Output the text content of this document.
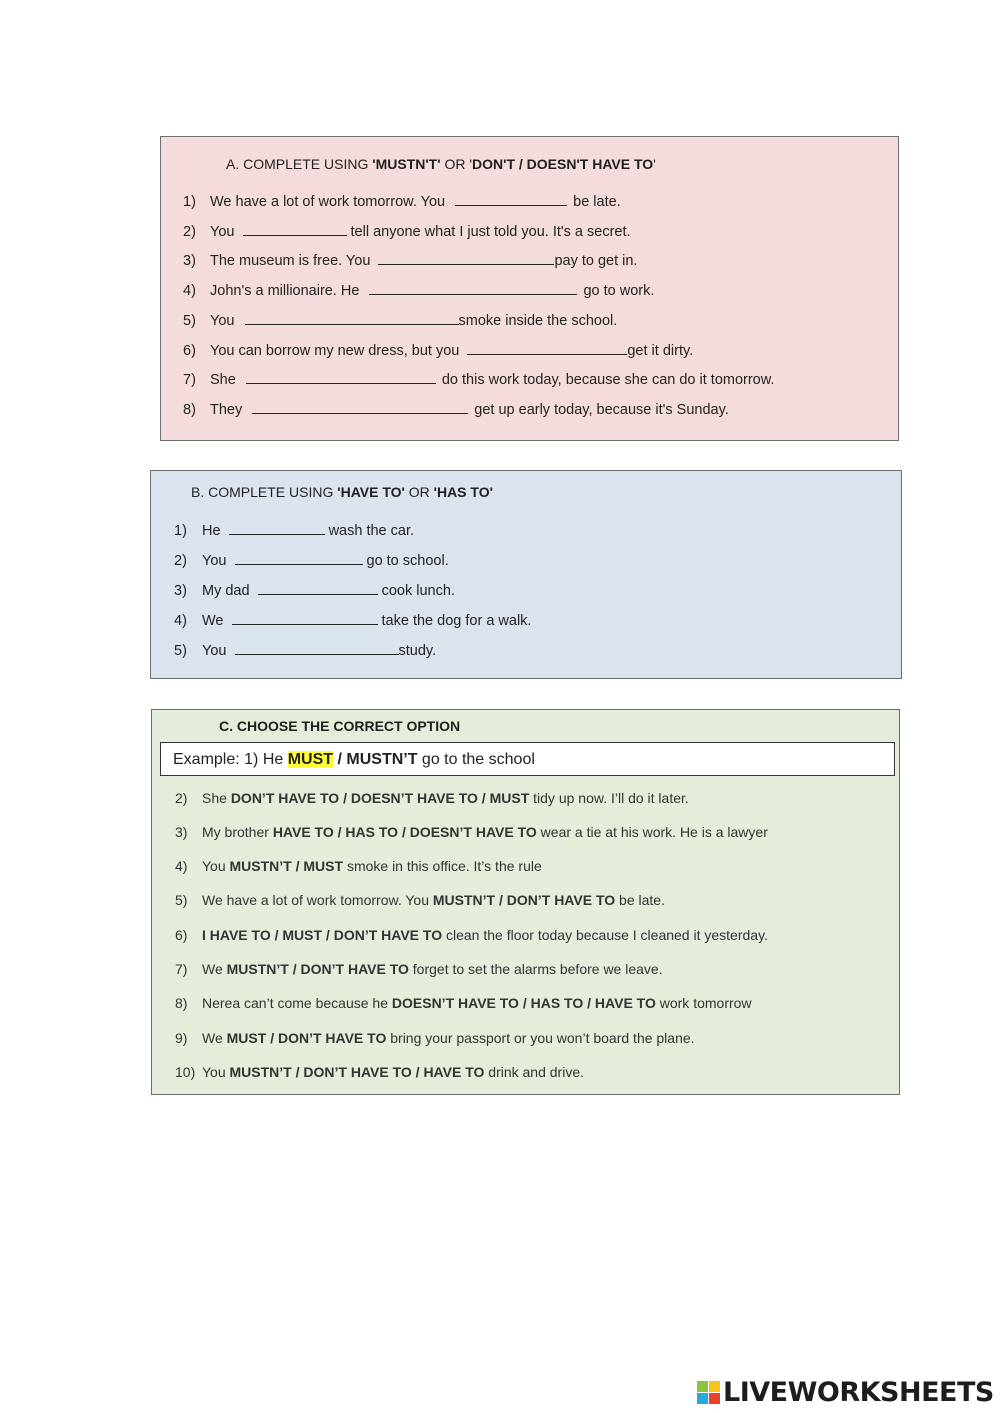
A. COMPLETE USING 'MUSTN'T' OR 'DON'T / DOESN'T HAVE TO'
1) We have a lot of work tomorrow. You	be late.
2) You	tell anyone what I just told you. It's a secret.
3) The museum is free. You	pay to get in.
4) John's a millionaire. He	go to work.
5) You	smoke inside the school.
6) You can borrow my new dress, but you	get it dirty.
7) She	do this work today, because she can do it tomorrow.
8) They	get up early today, because it's Sunday.
B. COMPLETE USING 'HAVE TO' OR 'HAS TO'
1) He	wash the car.
2) You	go to school.
3) My dad	cook lunch.
4) We	take the dog for a walk.
5) You	study.
C. CHOOSE THE CORRECT OPTION
Example: 1) He MUST / MUSTN’T go to the school
2) She DON’T HAVE TO / DOESN’T HAVE TO / MUST tidy up now. I’ll do it later.
3) My brother HAVE TO / HAS TO / DOESN’T HAVE TO wear a tie at his work. He is a lawyer
4) You MUSTN’T / MUST smoke in this office. It’s the rule
5) We have a lot of work tomorrow. You MUSTN’T / DON’T HAVE TO be late.
6) I HAVE TO / MUST / DON’T HAVE TO clean the floor today because I cleaned it yesterday.
7) We MUSTN’T / DON’T HAVE TO forget to set the alarms before we leave.
8) Nerea can’t come because he DOESN’T HAVE TO / HAS TO / HAVE TO work tomorrow
9) We MUST / DON’T HAVE TO bring your passport or you won’t board the plane.
10) You MUSTN’T / DON’T HAVE TO / HAVE TO drink and drive.
LIVEWORKSHEETS
